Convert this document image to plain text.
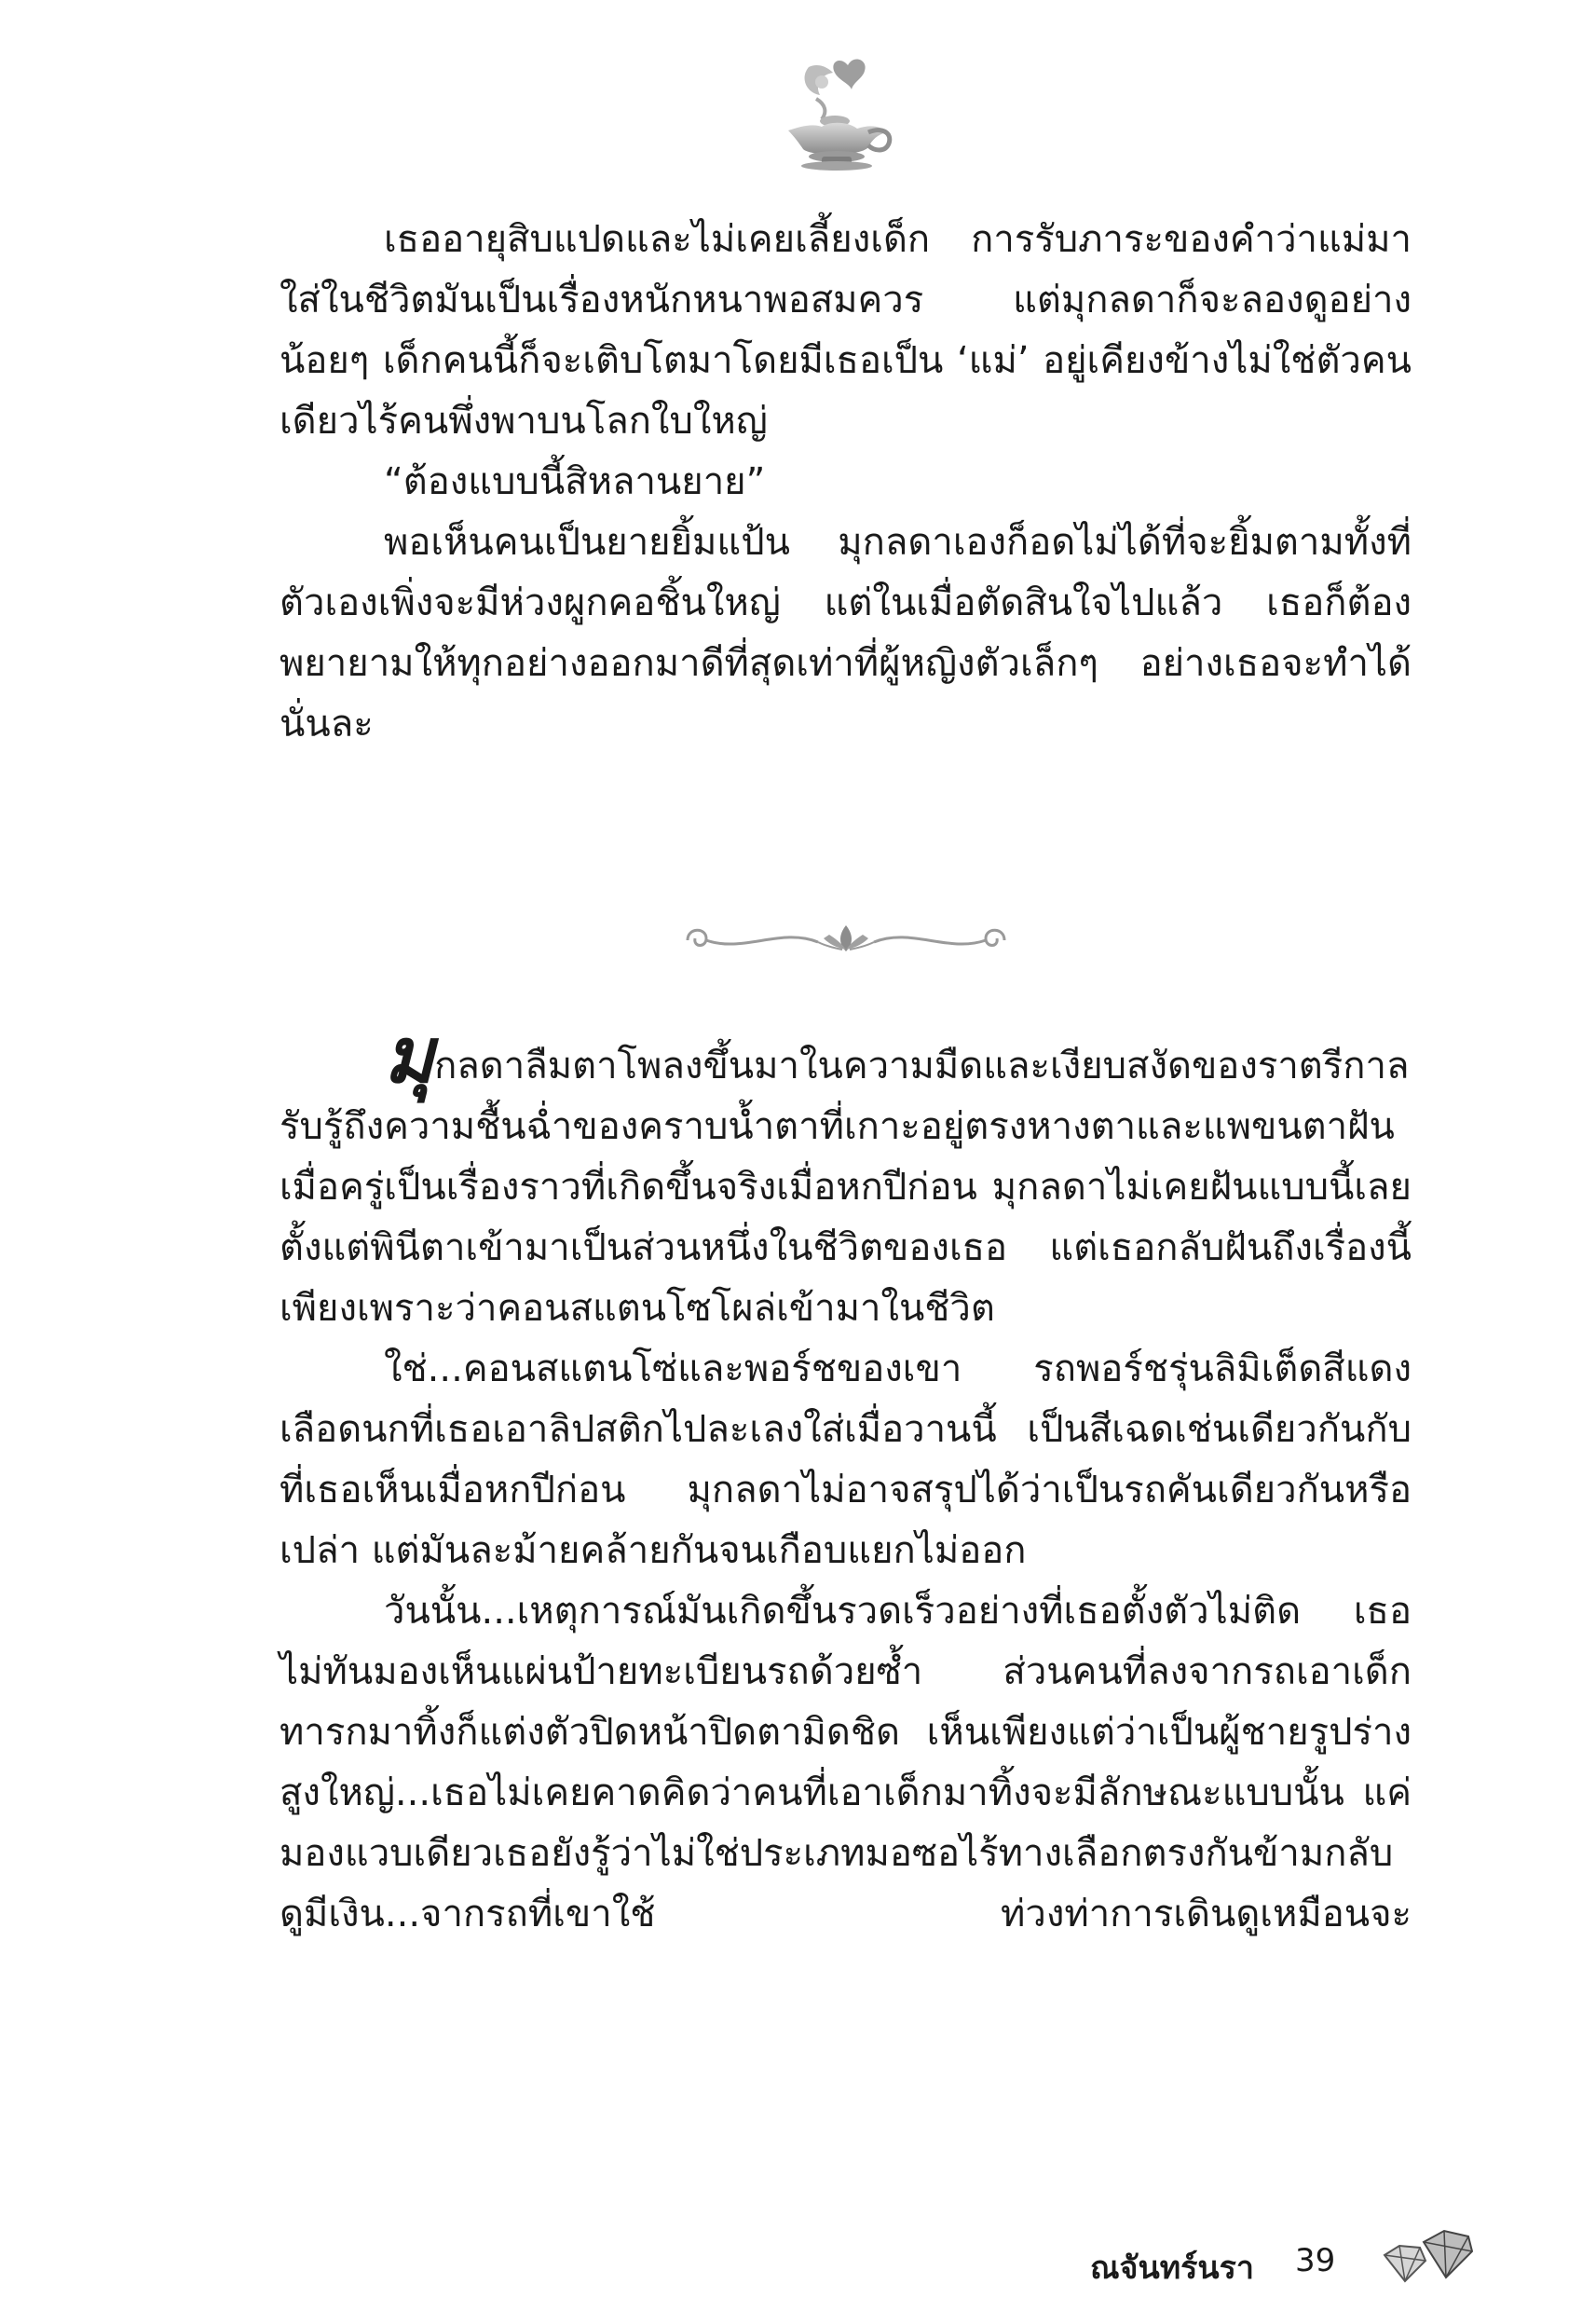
เธออายุสิบแปดและไม่เคยเลี้ยงเด็ก การรับภาระของคำว่าแม่มาใส่ในชีวิตมันเป็นเรื่องหนักหนาพอสมควร แต่มุกลดาก็จะลองดูอย่างน้อยๆ เด็กคนนี้ก็จะเติบโตมาโดยมีเธอเป็น ‘แม่’ อยู่เคียงข้างไม่ใช่ตัวคนเดียวไร้คนพึ่งพาบนโลกใบใหญ่

“ต้องแบบนี้สิหลานยาย”

พอเห็นคนเป็นยายยิ้มแป้น มุกลดาเองก็อดไม่ได้ที่จะยิ้มตามทั้งที่ตัวเองเพิ่งจะมีห่วงผูกคอชิ้นใหญ่ แต่ในเมื่อตัดสินใจไปแล้ว เธอก็ต้องพยายามให้ทุกอย่างออกมาดีที่สุดเท่าที่ผู้หญิงตัวเล็กๆ อย่างเธอจะทำได้นั่นละ

มุกลดาลืมตาโพลงขึ้นมาในความมืดและเงียบสงัดของราตรีกาลรับรู้ถึงความชื้นฉ่ำของคราบน้ำตาที่เกาะอยู่ตรงหางตาและแพขนตาฝันเมื่อครู่เป็นเรื่องราวที่เกิดขึ้นจริงเมื่อหกปีก่อน มุกลดาไม่เคยฝันแบบนี้เลยตั้งแต่พินีตาเข้ามาเป็นส่วนหนึ่งในชีวิตของเธอ แต่เธอกลับฝันถึงเรื่องนี้เพียงเพราะว่าคอนสแตนโซโผล่เข้ามาในชีวิต

ใช่...คอนสแตนโซ่และพอร์ชของเขา รถพอร์ชรุ่นลิมิเต็ดสีแดงเลือดนกที่เธอเอาลิปสติกไปละเลงใส่เมื่อวานนี้ เป็นสีเฉดเช่นเดียวกันกับที่เธอเห็นเมื่อหกปีก่อน มุกลดาไม่อาจสรุปได้ว่าเป็นรถคันเดียวกันหรือเปล่า แต่มันละม้ายคล้ายกันจนเกือบแยกไม่ออก

วันนั้น...เหตุการณ์มันเกิดขึ้นรวดเร็วอย่างที่เธอตั้งตัวไม่ติด เธอไม่ทันมองเห็นแผ่นป้ายทะเบียนรถด้วยซ้ำ ส่วนคนที่ลงจากรถเอาเด็กทารกมาทิ้งก็แต่งตัวปิดหน้าปิดตามิดชิด เห็นเพียงแต่ว่าเป็นผู้ชายรูปร่างสูงใหญ่...เธอไม่เคยคาดคิดว่าคนที่เอาเด็กมาทิ้งจะมีลักษณะแบบนั้น แค่มองแวบเดียวเธอยังรู้ว่าไม่ใช่ประเภทมอซอไร้ทางเลือกตรงกันข้ามกลับดูมีเงิน...จากรถที่เขาใช้ ท่วงท่าการเดินดูเหมือนจะ

ณจันทร์นรา 39
